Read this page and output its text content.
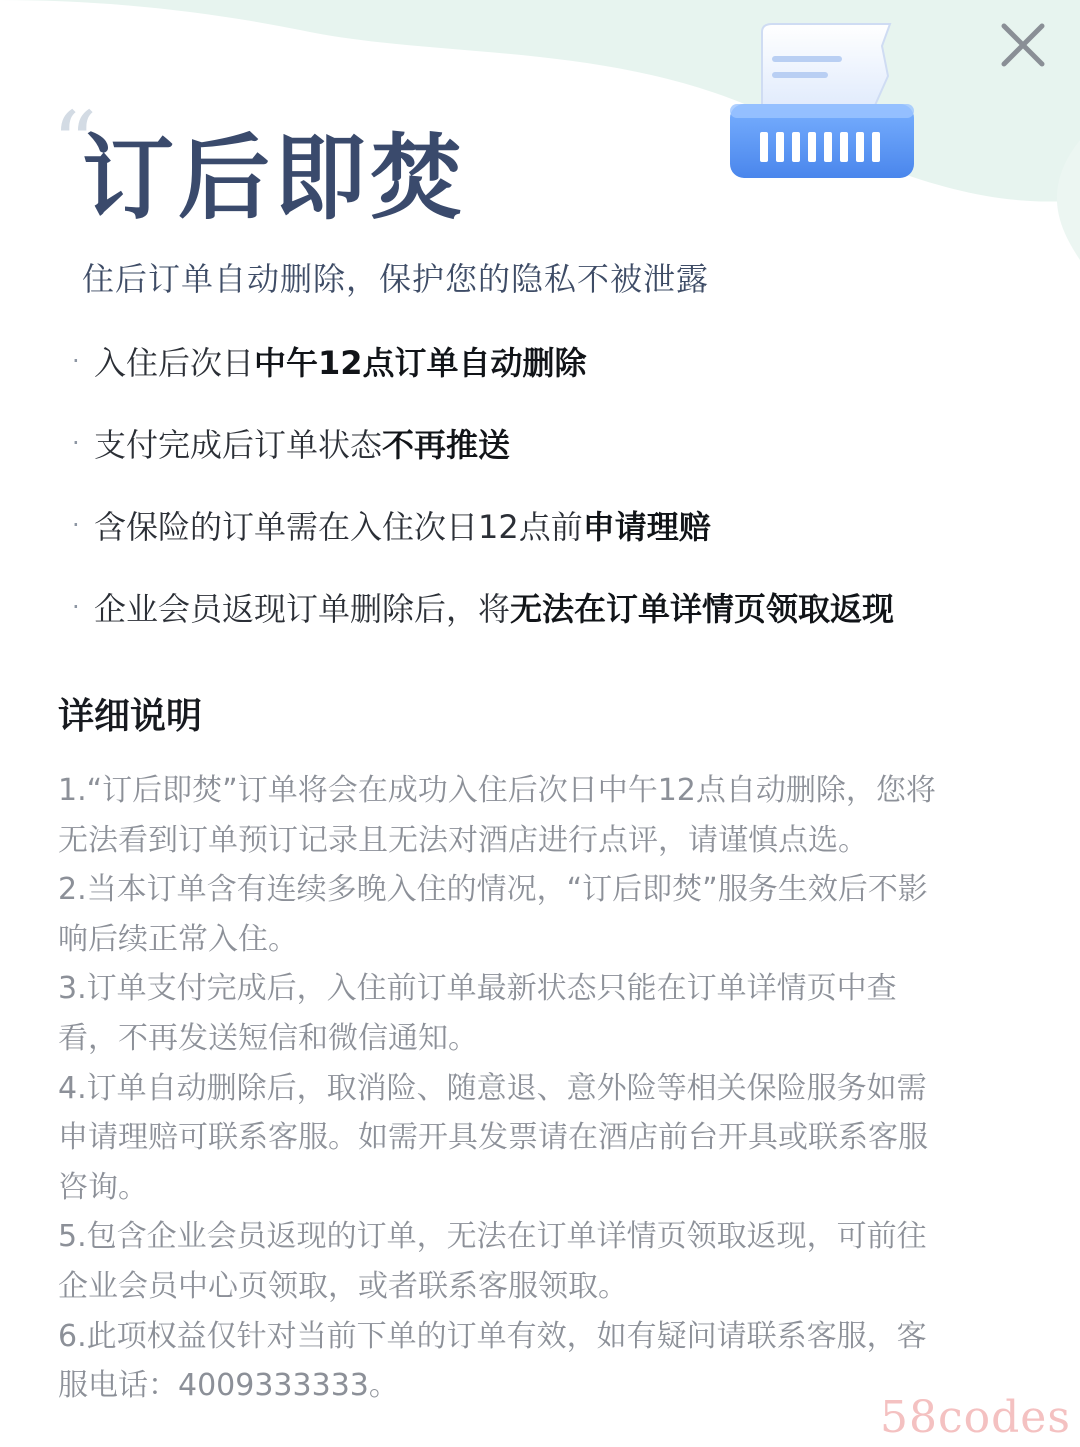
“
订后即焚
住后订单自动删除，保护您的隐私不被泄露
· 入住后次日 中午12点订单自动删除
· 支付完成后订单状态 不再推送
· 含保险的订单需在入住次日12点前 申请理赔
· 企业会员返现订单删除后，将 无法在订单详情页领取返现
详细说明

1.“订后即焚”订单将会在成功入住后次日中午12点自动删除，您将

无法看到订单预订记录且无法对酒店进行点评，请谨慎点选。

2.当本订单含有连续多晚入住的情况，“订后即焚”服务生效后不影

响后续正常入住。

3.订单支付完成后，入住前订单最新状态只能在订单详情页中查

看，不再发送短信和微信通知。

4.订单自动删除后，取消险、随意退、意外险等相关保险服务如需

申请理赔可联系客服。如需开具发票请在酒店前台开具或联系客服

咨询。

5.包含企业会员返现的订单，无法在订单详情页领取返现，可前往

企业会员中心页领取，或者联系客服领取。

6.此项权益仅针对当前下单的订单有效，如有疑问请联系客服，客

服电话：4009333333。

58codes
